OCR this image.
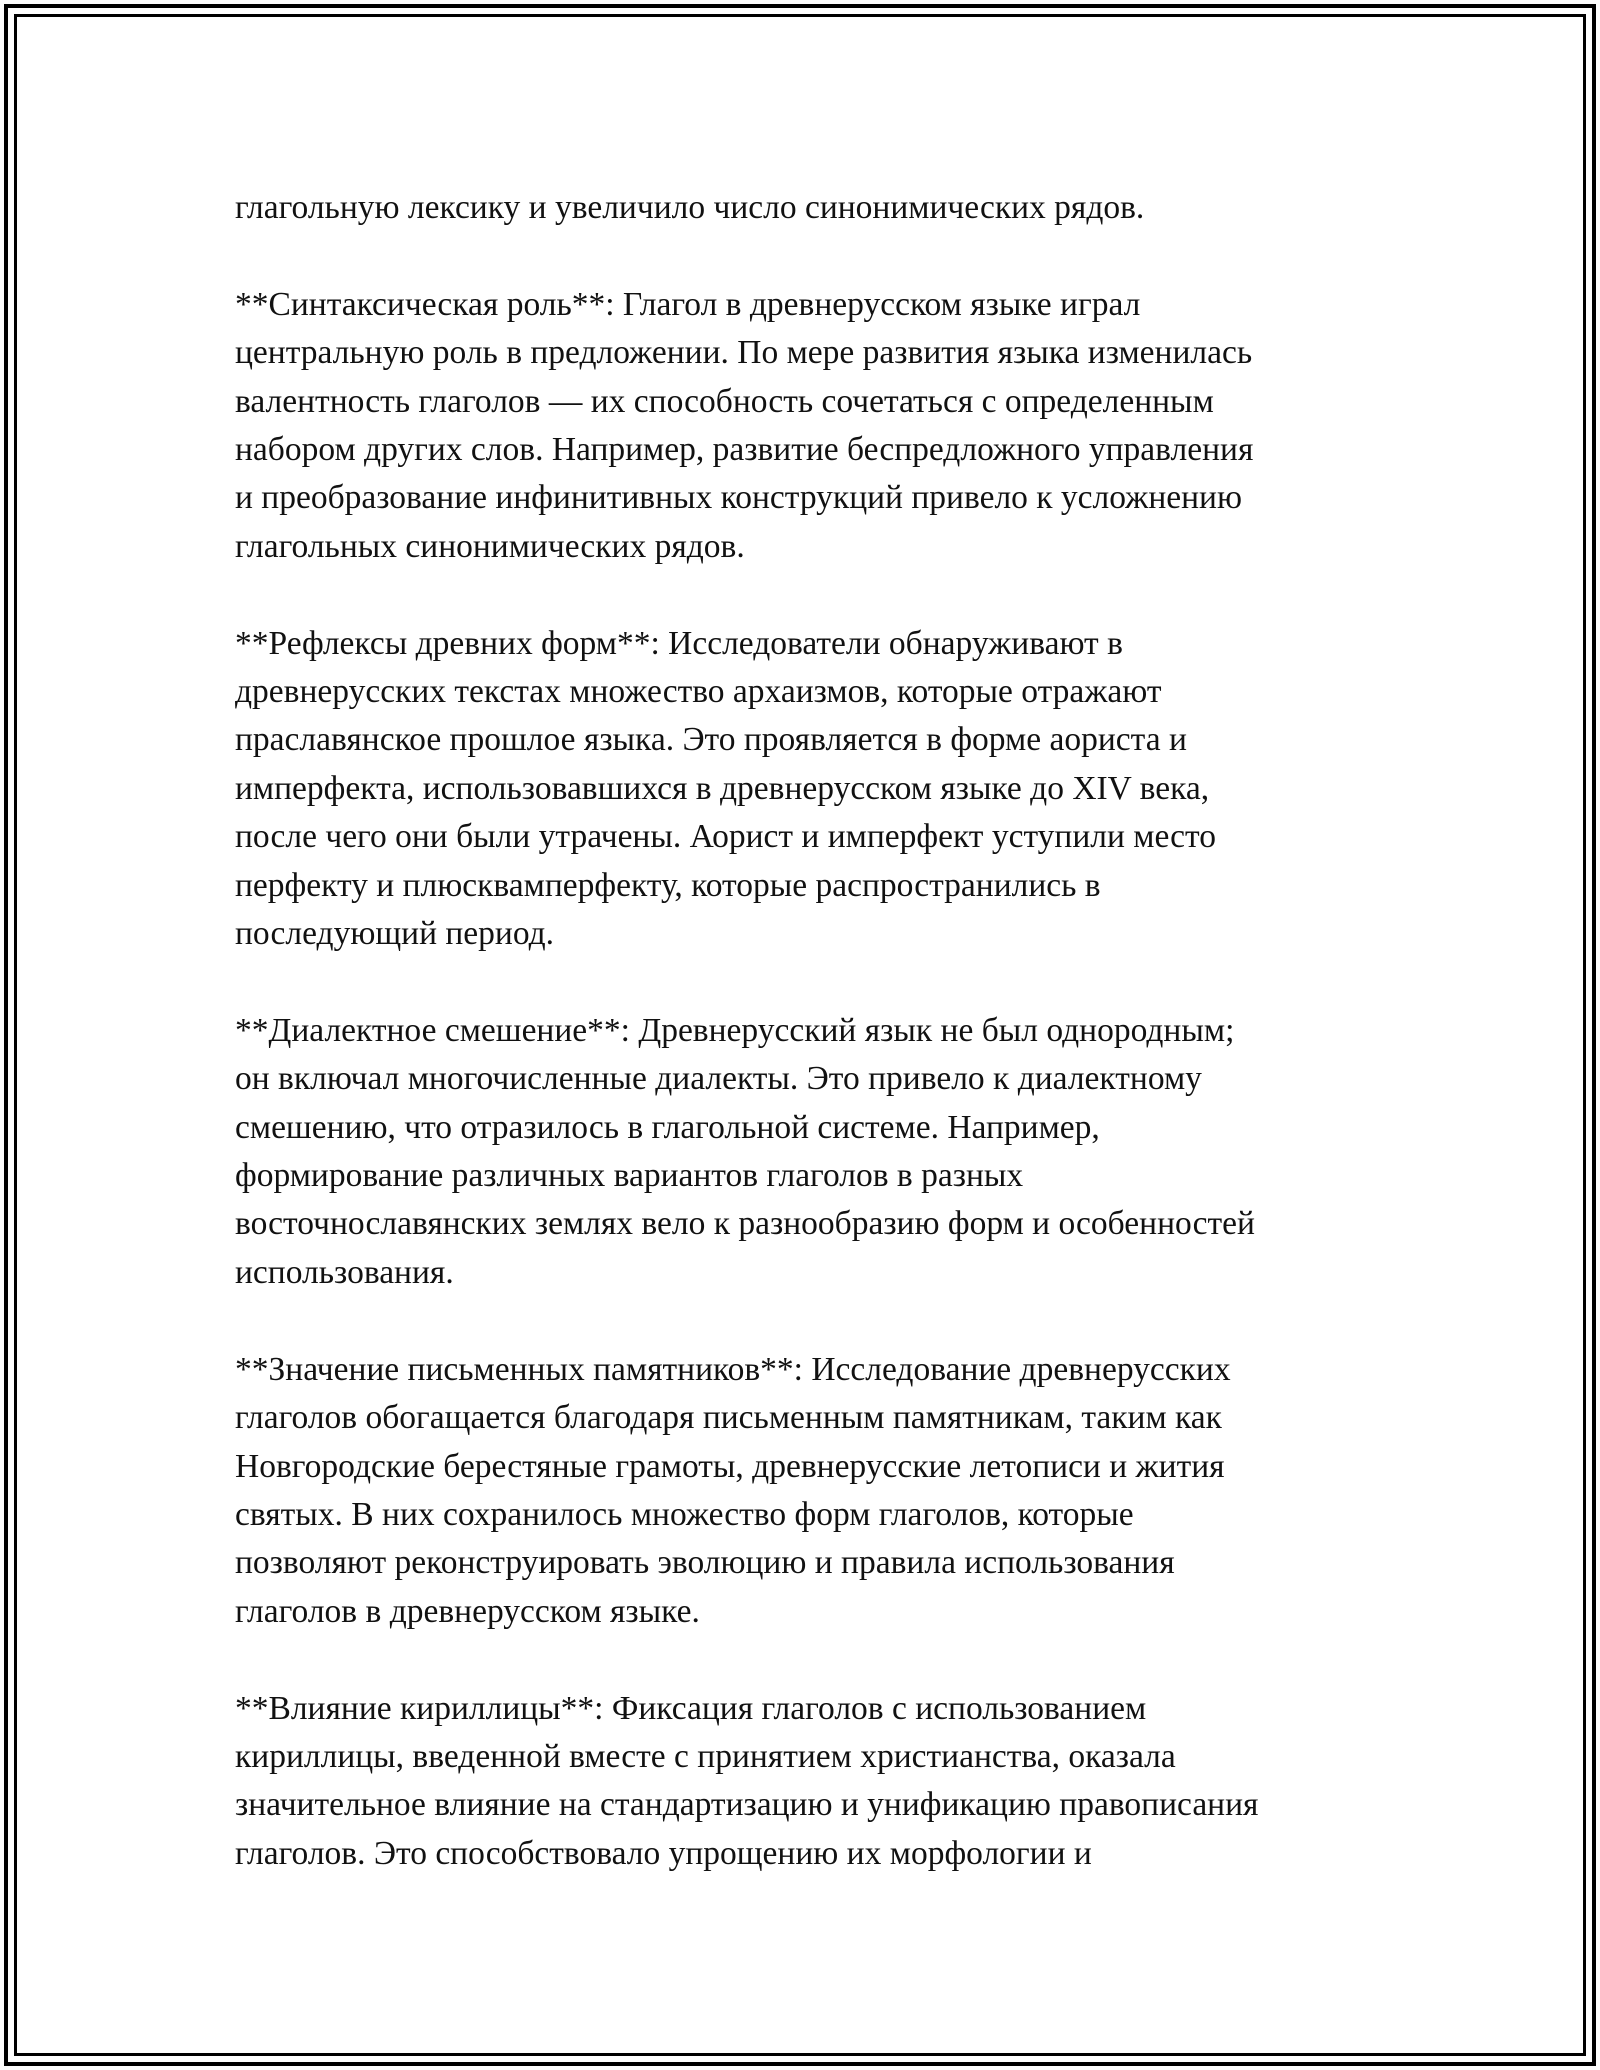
глагольную лексику и увеличило число синонимических рядов.

**Синтаксическая роль**: Глагол в древнерусском языке играл
центральную роль в предложении. По мере развития языка изменилась
валентность глаголов — их способность сочетаться с определенным
набором других слов. Например, развитие беспредложного управления
и преобразование инфинитивных конструкций привело к усложнению
глагольных синонимических рядов.

**Рефлексы древних форм**: Исследователи обнаруживают в
древнерусских текстах множество архаизмов, которые отражают
праславянское прошлое языка. Это проявляется в форме аориста и
имперфекта, использовавшихся в древнерусском языке до XIV века,
после чего они были утрачены. Аорист и имперфект уступили место
перфекту и плюсквамперфекту, которые распространились в
последующий период.

**Диалектное смешение**: Древнерусский язык не был однородным;
он включал многочисленные диалекты. Это привело к диалектному
смешению, что отразилось в глагольной системе. Например,
формирование различных вариантов глаголов в разных
восточнославянских землях вело к разнообразию форм и особенностей
использования.

**Значение письменных памятников**: Исследование древнерусских
глаголов обогащается благодаря письменным памятникам, таким как
Новгородские берестяные грамоты, древнерусские летописи и жития
святых. В них сохранилось множество форм глаголов, которые
позволяют реконструировать эволюцию и правила использования
глаголов в древнерусском языке.

**Влияние кириллицы**: Фиксация глаголов с использованием
кириллицы, введенной вместе с принятием христианства, оказала
значительное влияние на стандартизацию и унификацию правописания
глаголов. Это способствовало упрощению их морфологии и
